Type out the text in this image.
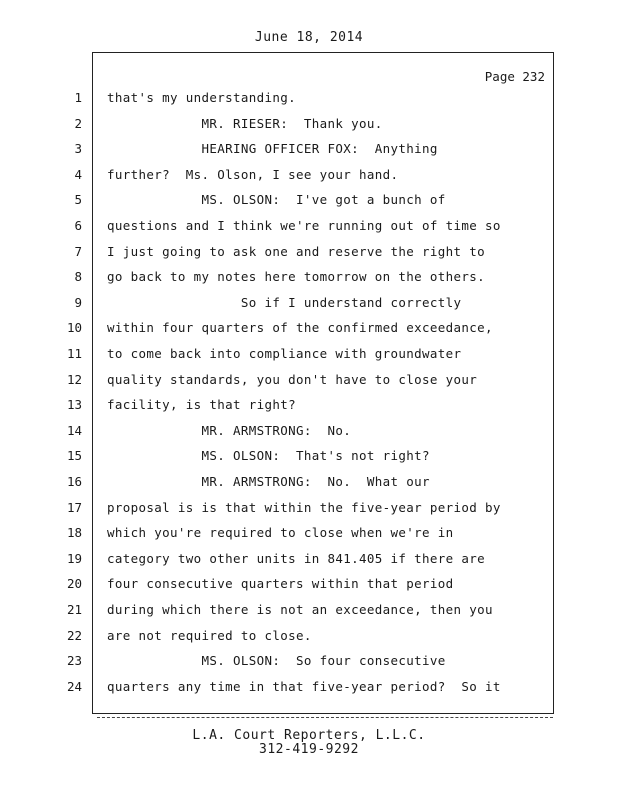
June 18, 2014
Page 232
1 that's my understanding.
2 MR. RIESER:  Thank you.
3 HEARING OFFICER FOX:  Anything
4 further?  Ms. Olson, I see your hand.
5 MS. OLSON:  I've got a bunch of
6 questions and I think we're running out of time so
7 I just going to ask one and reserve the right to
8 go back to my notes here tomorrow on the others.
9 So if I understand correctly
10 within four quarters of the confirmed exceedance,
11 to come back into compliance with groundwater
12 quality standards, you don't have to close your
13 facility, is that right?
14 MR. ARMSTRONG:  No.
15 MS. OLSON:  That's not right?
16 MR. ARMSTRONG:  No.  What our
17 proposal is is that within the five-year period by
18 which you're required to close when we're in
19 category two other units in 841.405 if there are
20 four consecutive quarters within that period
21 during which there is not an exceedance, then you
22 are not required to close.
23 MS. OLSON:  So four consecutive
24 quarters any time in that five-year period?  So it
L.A. Court Reporters, L.L.C.
312-419-9292
